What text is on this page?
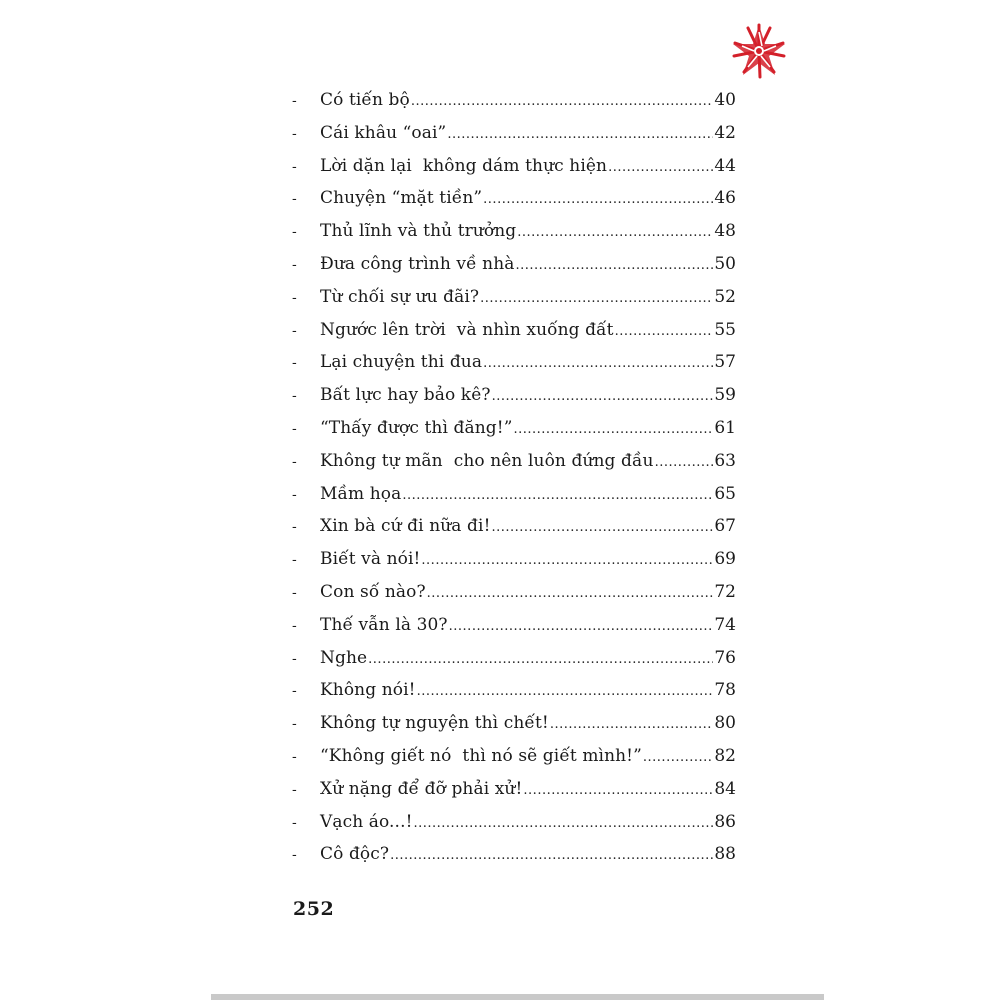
-	Có tiến bộ .....	40
-	Cái khâu “oai” .....	42
-	Lời dặn lại  không dám thực hiện .....	44
-	Chuyện “mặt tiền” .....	46
-	Thủ lĩnh và thủ trưởng .....	48
-	Đưa công trình về nhà .....	50
-	Từ chối sự ưu đãi? .....	52
-	Ngước lên trời  và nhìn xuống đất .....	55
-	Lại chuyện thi đua .....	57
-	Bất lực hay bảo kê? .....	59
-	“Thấy được thì đăng!” .....	61
-	Không tự mãn  cho nên luôn đứng đầu .....	63
-	Mầm họa .....	65
-	Xin bà cứ đi nữa đi! .....	67
-	Biết và nói! .....	69
-	Con số nào? .....	72
-	Thế vẫn là 30? .....	74
-	Nghe .....	76
-	Không nói! .....	78
-	Không tự nguyện thì chết! .....	80
-	“Không giết nó  thì nó sẽ giết mình!” .....	82
-	Xử nặng để đỡ phải xử! .....	84
-	Vạch áo...! .....	86
-	Cô độc? .....	88
252
